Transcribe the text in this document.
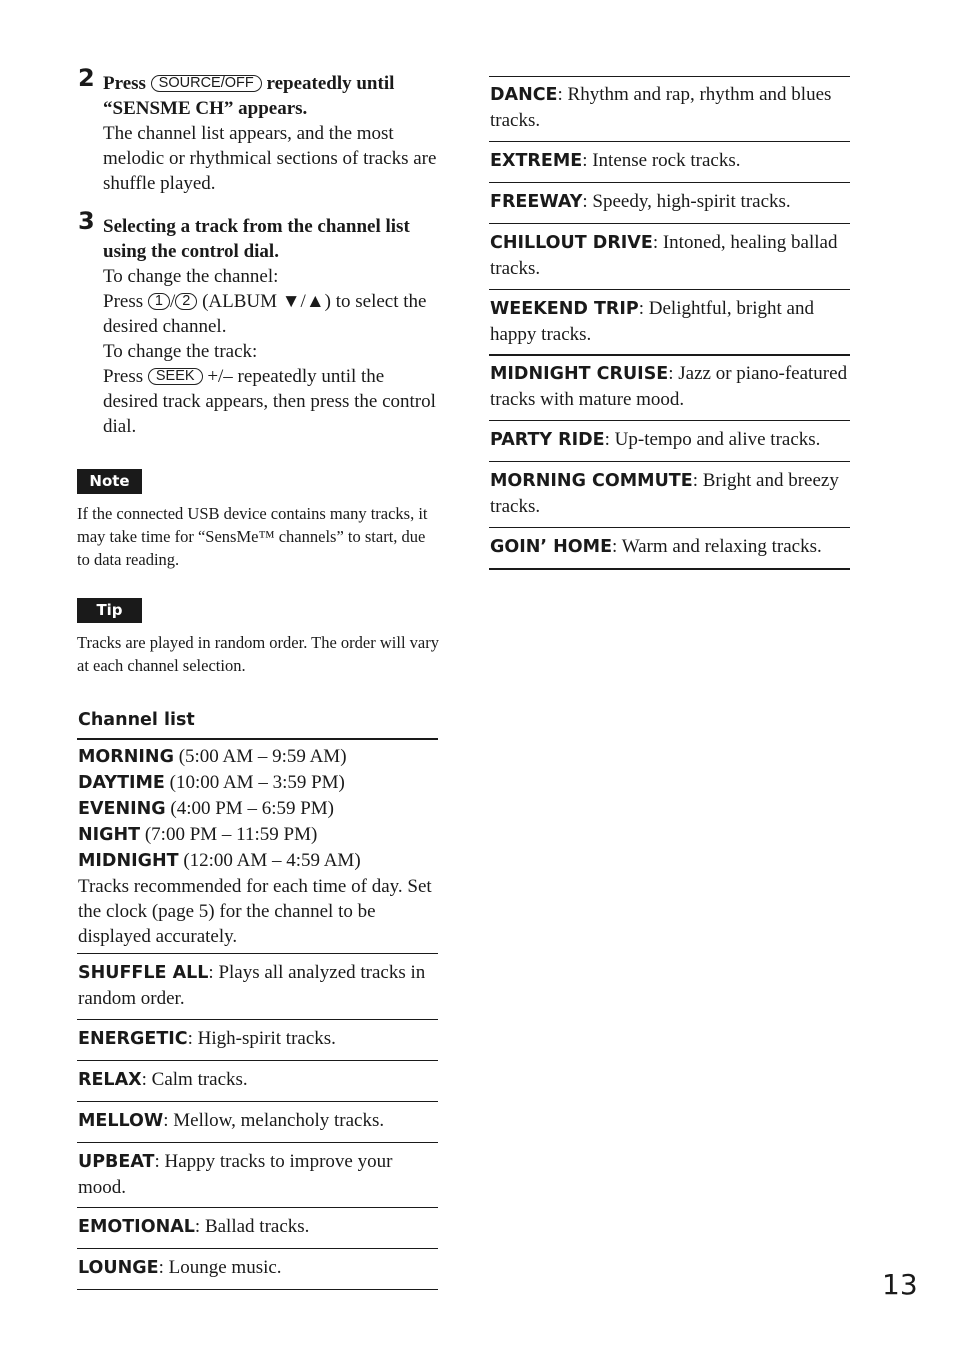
2 Press SOURCE/OFF repeatedly until “SENSME CH” appears.
The channel list appears, and the most melodic or rhythmical sections of tracks are shuffle played.
3 Selecting a track from the channel list using the control dial.
To change the channel:
Press 1 / 2 (ALBUM ▼/▲) to select the desired channel.
To change the track:
Press SEEK +/– repeatedly until the desired track appears, then press the control dial.
Note
If the connected USB device contains many tracks, it may take time for “SensMe™ channels” to start, due to data reading.
Tip
Tracks are played in random order. The order will vary at each channel selection.
Channel list
MORNING (5:00 AM – 9:59 AM)
DAYTIME (10:00 AM – 3:59 PM)
EVENING (4:00 PM – 6:59 PM)
NIGHT (7:00 PM – 11:59 PM)
MIDNIGHT (12:00 AM – 4:59 AM)
Tracks recommended for each time of day. Set the clock (page 5) for the channel to be displayed accurately.
SHUFFLE ALL: Plays all analyzed tracks in random order.
ENERGETIC: High-spirit tracks.
RELAX: Calm tracks.
MELLOW: Mellow, melancholy tracks.
UPBEAT: Happy tracks to improve your mood.
EMOTIONAL: Ballad tracks.
LOUNGE: Lounge music.
DANCE: Rhythm and rap, rhythm and blues tracks.
EXTREME: Intense rock tracks.
FREEWAY: Speedy, high-spirit tracks.
CHILLOUT DRIVE: Intoned, healing ballad tracks.
WEEKEND TRIP: Delightful, bright and happy tracks.
MIDNIGHT CRUISE: Jazz or piano-featured tracks with mature mood.
PARTY RIDE: Up-tempo and alive tracks.
MORNING COMMUTE: Bright and breezy tracks.
GOIN’ HOME: Warm and relaxing tracks.
13
